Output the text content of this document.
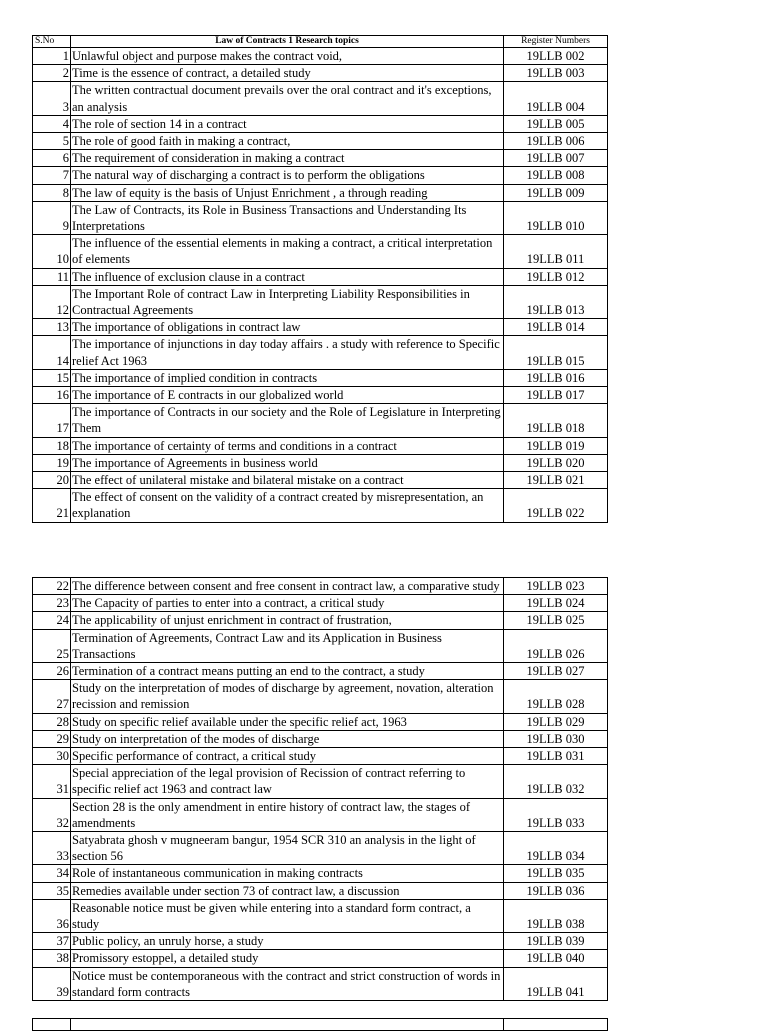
S.No	Law of Contracts 1 Research topics	Register Numbers
1	Unlawful object and purpose makes the contract void,	19LLB 002
2	Time is the essence of contract, a detailed study	19LLB 003
3	The written contractual document prevails over the oral contract and it's exceptions, an analysis	19LLB 004
4	The role of section 14 in a contract	19LLB 005
5	The role of good faith in making a contract,	19LLB 006
6	The requirement of consideration in making a contract	19LLB 007
7	The natural way of discharging a contract is to perform the obligations	19LLB 008
8	The law of equity is the basis of Unjust Enrichment , a through reading	19LLB 009
9	The Law of Contracts, its Role in Business Transactions and Understanding Its Interpretations	19LLB 010
10	The influence of the essential elements in making a contract, a critical interpretation of elements	19LLB 011
11	The influence of exclusion clause in a contract	19LLB 012
12	The Important Role of contract Law in Interpreting Liability Responsibilities in Contractual Agreements	19LLB 013
13	The importance of obligations in contract law	19LLB 014
14	The importance of injunctions in day today affairs . a study with reference to Specific relief Act 1963	19LLB 015
15	The importance of implied condition in contracts	19LLB 016
16	The importance of E contracts in our globalized world	19LLB 017
17	The importance of Contracts in our society and the Role of Legislature in Interpreting Them	19LLB 018
18	The importance of certainty of terms and conditions in a contract	19LLB 019
19	The importance of Agreements in business world	19LLB 020
20	The effect of unilateral mistake and bilateral mistake on a contract	19LLB 021
21	The effect of consent on the validity of a contract created by misrepresentation, an explanation	19LLB 022
22	The difference between consent and free consent in contract law, a comparative study	19LLB 023
23	The Capacity of parties to enter into a contract, a critical study	19LLB 024
24	The applicability of unjust enrichment in contract of frustration,	19LLB 025
25	Termination of Agreements, Contract Law and its Application in Business Transactions	19LLB 026
26	Termination of a contract means putting an end to the contract, a study	19LLB 027
27	Study on the interpretation of modes of discharge by agreement, novation, alteration recission and remission	19LLB 028
28	Study on specific relief available under the specific relief act, 1963	19LLB 029
29	Study on interpretation of the modes of discharge	19LLB 030
30	Specific performance of contract, a critical study	19LLB 031
31	Special appreciation of the legal provision of Recission of contract referring to specific relief act 1963 and contract law	19LLB 032
32	Section 28 is the only amendment in entire history of contract law, the stages of amendments	19LLB 033
33	Satyabrata ghosh v mugneeram bangur, 1954 SCR 310 an analysis in the light of section 56	19LLB 034
34	Role of instantaneous communication in making contracts	19LLB 035
35	Remedies available under section 73 of contract law, a discussion	19LLB 036
36	Reasonable notice must be given while entering into a standard form contract, a study	19LLB 038
37	Public policy, an unruly horse, a study	19LLB 039
38	Promissory estoppel, a detailed study	19LLB 040
39	Notice must be contemporaneous with the contract and strict construction of words in standard form contracts	19LLB 041
